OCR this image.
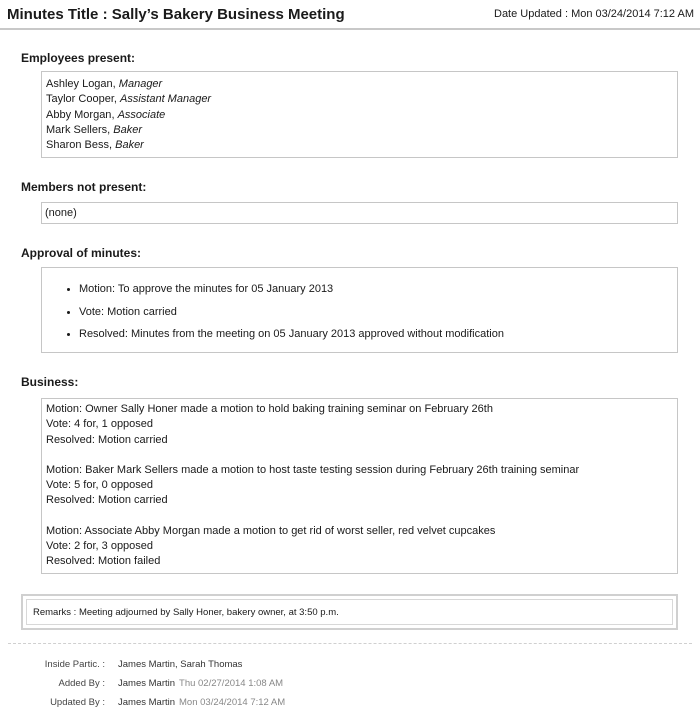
Minutes Title : Sally’s Bakery Business Meeting	Date Updated : Mon 03/24/2014 7:12 AM
Employees present:
Ashley Logan, Manager
Taylor Cooper, Assistant Manager
Abby Morgan, Associate
Mark Sellers, Baker
Sharon Bess, Baker
Members not present:
(none)
Approval of minutes:
• Motion: To approve the minutes for 05 January 2013
• Vote: Motion carried
• Resolved: Minutes from the meeting on 05 January 2013 approved without modification
Business:
Motion: Owner Sally Honer made a motion to hold baking training seminar on February 26th
Vote: 4 for, 1 opposed
Resolved: Motion carried
Motion: Baker Mark Sellers made a motion to host taste testing session during February 26th training seminar
Vote: 5 for, 0 opposed
Resolved: Motion carried
Motion: Associate Abby Morgan made a motion to get rid of worst seller, red velvet cupcakes
Vote: 2 for, 3 opposed
Resolved: Motion failed
Remarks : Meeting adjourned by Sally Honer, bakery owner, at 3:50 p.m.
Inside Partic. : James Martin, Sarah Thomas
Added By : James Martin Thu 02/27/2014 1:08 AM
Updated By : James Martin Mon 03/24/2014 7:12 AM
